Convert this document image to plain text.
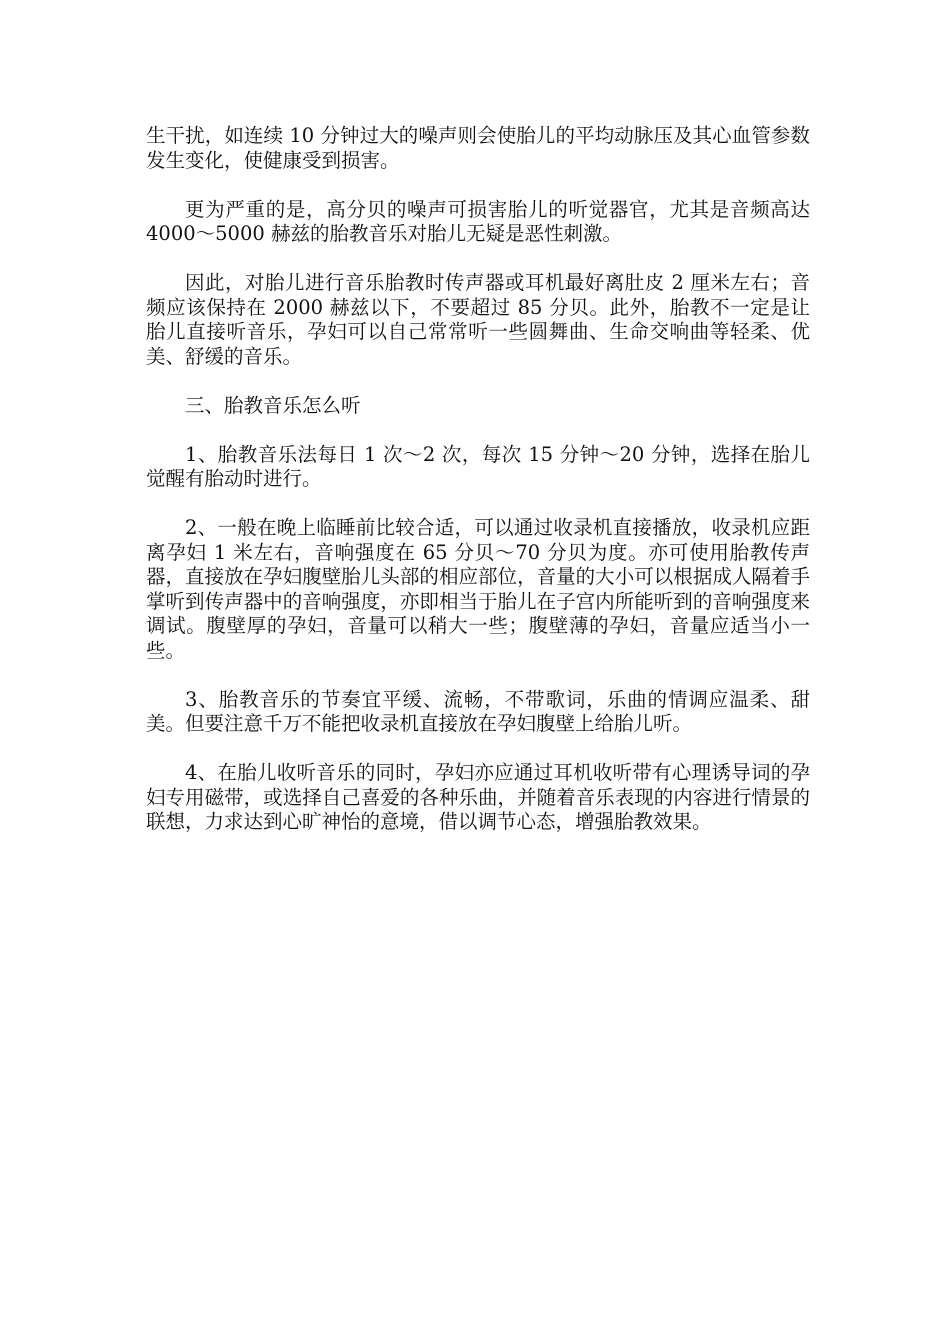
生干扰，如连续 10 分钟过大的噪声则会使胎儿的平均动脉压及其心血管参数发生变化，使健康受到损害。

更为严重的是，高分贝的噪声可损害胎儿的听觉器官，尤其是音频高达 4000～5000 赫兹的胎教音乐对胎儿无疑是恶性刺激。

因此，对胎儿进行音乐胎教时传声器或耳机最好离肚皮 2 厘米左右；音频应该保持在 2000 赫兹以下，不要超过 85 分贝。此外，胎教不一定是让胎儿直接听音乐，孕妇可以自己常常听一些圆舞曲、生命交响曲等轻柔、优美、舒缓的音乐。

三、胎教音乐怎么听

1、胎教音乐法每日 1 次～2 次，每次 15 分钟～20 分钟，选择在胎儿觉醒有胎动时进行。

2、一般在晚上临睡前比较合适，可以通过收录机直接播放，收录机应距离孕妇 1 米左右，音响强度在 65 分贝～70 分贝为度。亦可使用胎教传声器，直接放在孕妇腹壁胎儿头部的相应部位，音量的大小可以根据成人隔着手掌听到传声器中的音响强度，亦即相当于胎儿在子宫内所能听到的音响强度来调试。腹壁厚的孕妇，音量可以稍大一些；腹壁薄的孕妇，音量应适当小一些。

3、胎教音乐的节奏宜平缓、流畅，不带歌词，乐曲的情调应温柔、甜美。但要注意千万不能把收录机直接放在孕妇腹壁上给胎儿听。

4、在胎儿收听音乐的同时，孕妇亦应通过耳机收听带有心理诱导词的孕妇专用磁带，或选择自己喜爱的各种乐曲，并随着音乐表现的内容进行情景的联想，力求达到心旷神怡的意境，借以调节心态，增强胎教效果。
